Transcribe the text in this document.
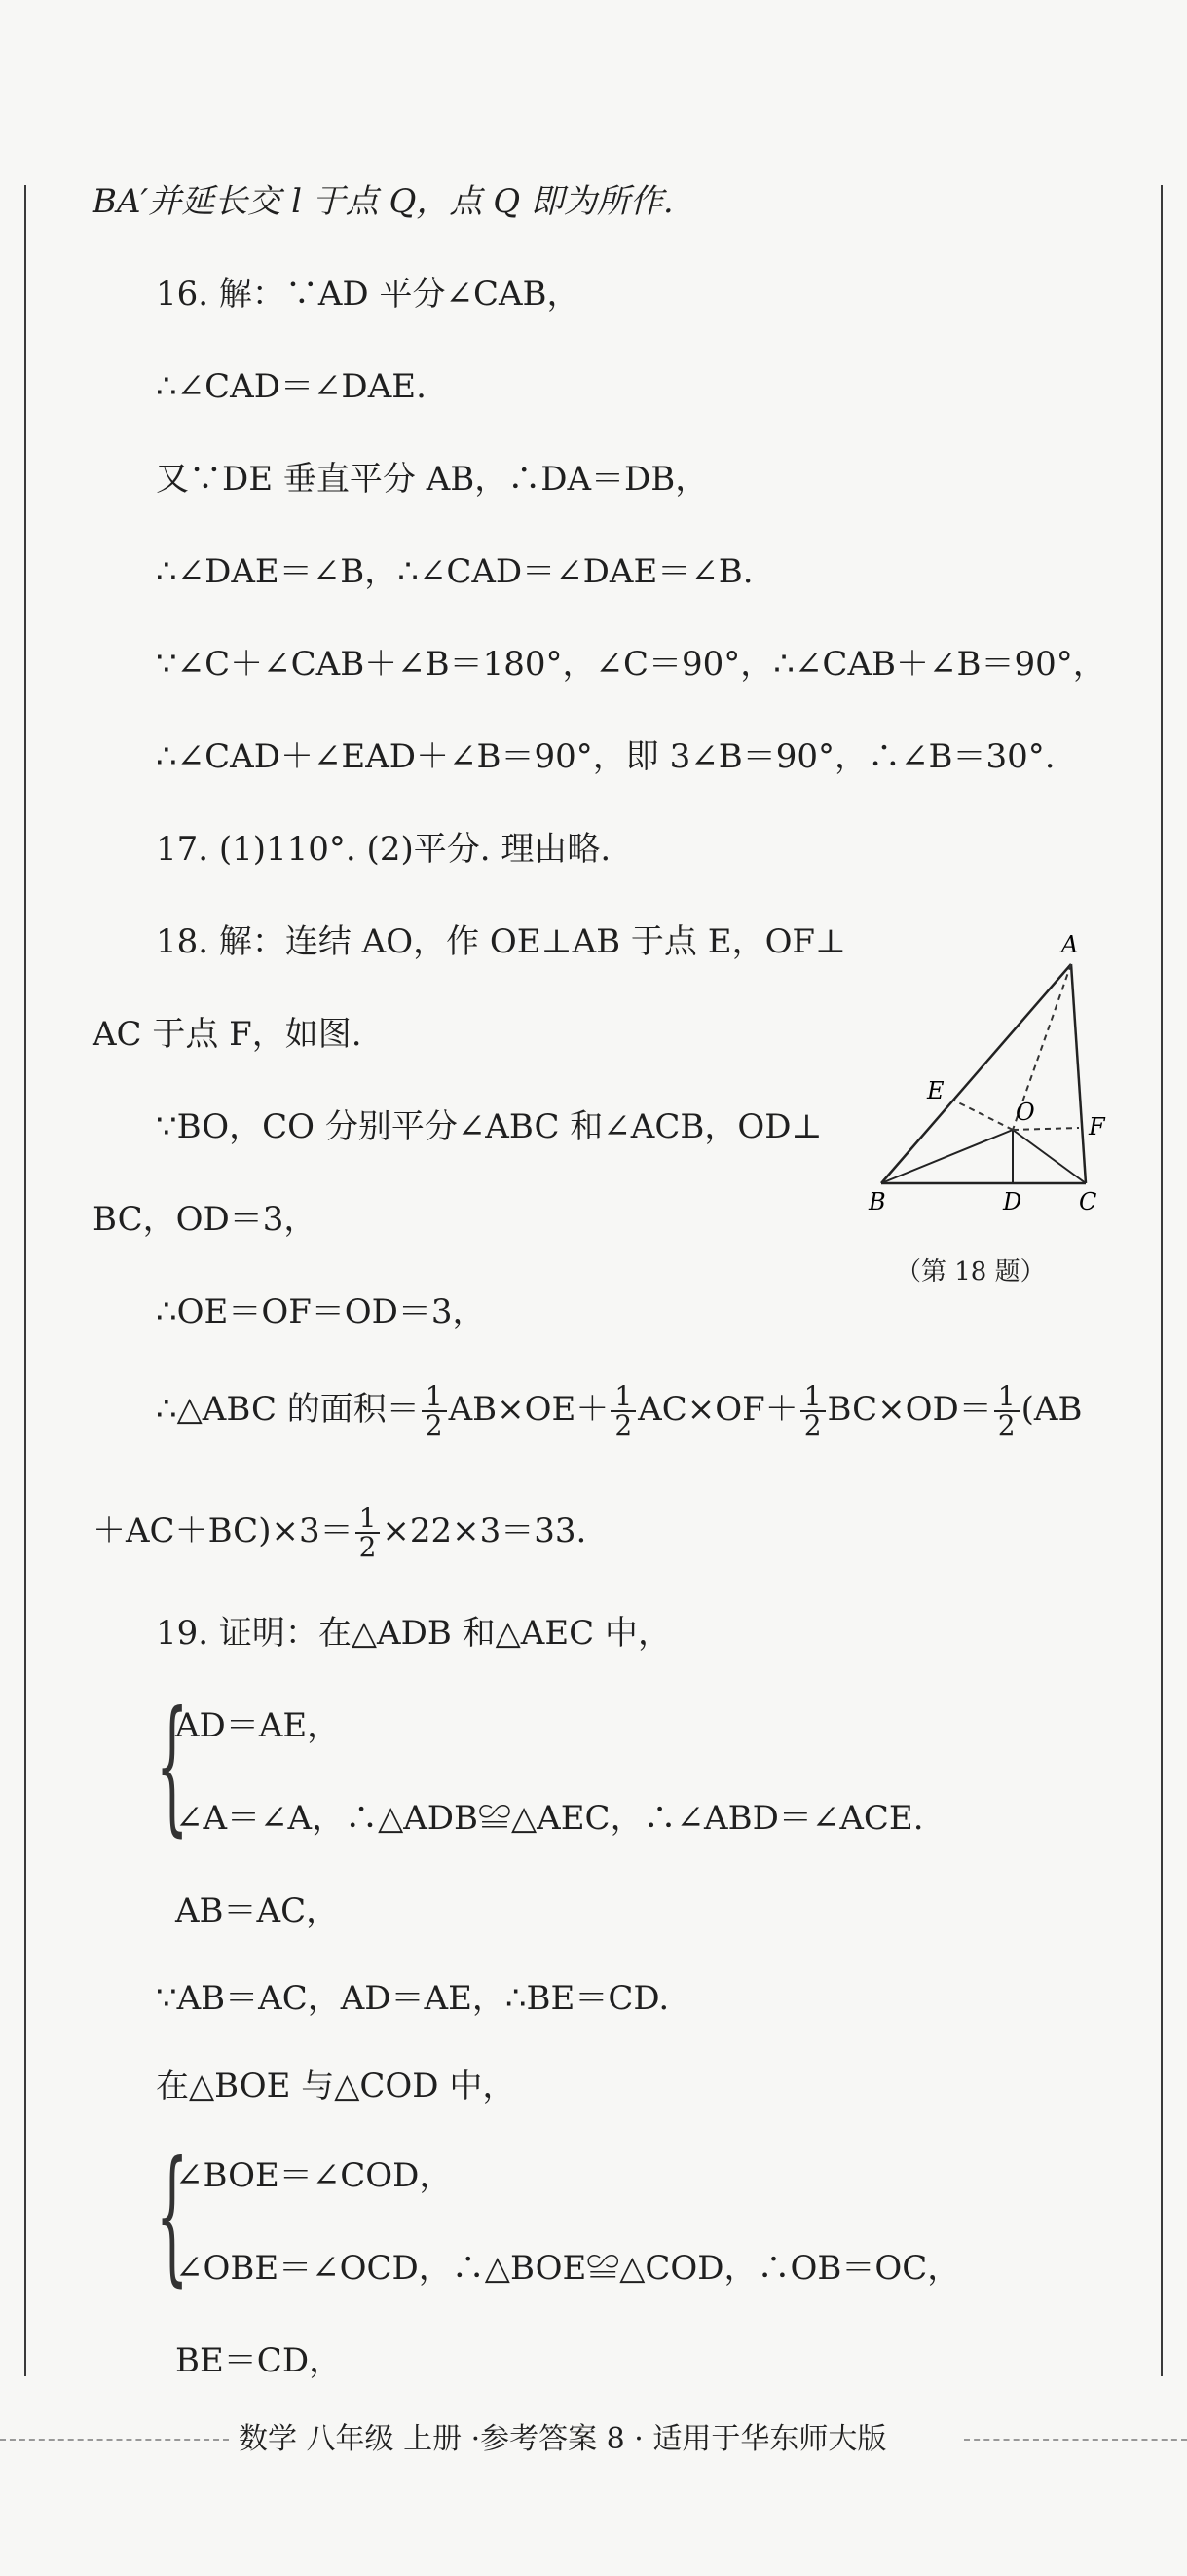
BA′并延长交 l 于点 Q，点 Q 即为所作.
16. 解：∵AD 平分∠CAB，
∴∠CAD＝∠DAE.
又∵DE 垂直平分 AB，∴DA＝DB，
∴∠DAE＝∠B，∴∠CAD＝∠DAE＝∠B.
∵∠C＋∠CAB＋∠B＝180°，∠C＝90°，∴∠CAB＋∠B＝90°，
∴∠CAD＋∠EAD＋∠B＝90°，即 3∠B＝90°，∴∠B＝30°.
17. (1)110°. (2)平分. 理由略.
18. 解：连结 AO，作 OE⊥AB 于点 E，OF⊥
AC 于点 F，如图.
∵BO，CO 分别平分∠ABC 和∠ACB，OD⊥
BC，OD＝3，
∴OE＝OF＝OD＝3，
∴△ABC 的面积＝ $\frac{1}{2} AB\times OE+ \frac{1}{2} AC\times OF+ \frac{1}{2} BC\times OD= \frac{1}{2} (AB$
$+AC+BC)\times 3= \frac{1}{2} \times 22\times 3=33$.
19. 证明：在△ADB 和△AEC 中，
{
AD＝AE，
∠A＝∠A，∴△ADB≌△AEC，∴∠ABD＝∠ACE.
AB＝AC，
∵AB＝AC，AD＝AE，∴BE＝CD.
在△BOE 与△COD 中，
{
∠BOE＝∠COD，
∠OBE＝∠OCD，∴△BOE≌△COD，∴OB＝OC，
BE＝CD，
A
B	C
D
E
F
O
（第 18 题）
数学 八年级 上册 ·参考答案 8 · 适用于华东师大版
